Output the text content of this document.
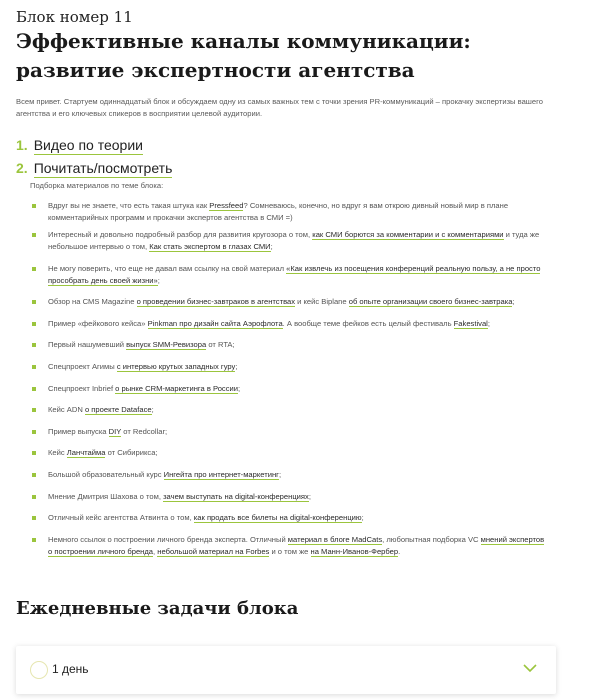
Блок номер 11
Эффективные каналы коммуникации: развитие экспертности агентства

Всем привет. Стартуем одиннадцатый блок и обсуждаем одну из самых важных тем с точки зрения PR-коммуникаций – прокачку экспертизы вашего агентства и его ключевых спикеров в восприятии целевой аудитории.

1. Видео по теории
2. Почитать/посмотреть
Подборка материалов по теме блока:
Вдруг вы не знаете, что есть такая штука как Pressfeed? Сомневаюсь, конечно, но вдруг я вам открою дивный новый мир в плане комментарийных программ и прокачки экспертов агентства в СМИ =)
Интересный и довольно подробный разбор для развития кругозора о том, как СМИ борются за комментарии и с комментариями и туда же небольшое интервью о том, Как стать экспертом в глазах СМИ;
Не могу поверить, что еще не давал вам ссылку на свой материал «Как извлечь из посещения конференций реальную пользу, а не просто прособрать день своей жизни»;
Обзор на CMS Magazine о проведении бизнес-завтраков в агентствах и кейс Biplane об опыте организации своего бизнес-завтрака;
Пример «фейкового кейса» Pinkman про дизайн сайта Аэрофлота. А вообще теме фейков есть целый фестиваль Fakestival;
Первый нашумевший выпуск SMM-Ревизора от RTA;
Спецпроект Агимы с интервью крутых западных гуру;
Спецпроект Inbrief о рынке CRM-маркетинга в России;
Кейс ADN о проекте Dataface;
Пример выпуска DIY от Redcollar;
Кейс Ланчтайма от Сибирикса;
Большой образовательный курс Ингейта про интернет-маркетинг;
Мнение Дмитрия Шахова о том, зачем выступать на digital-конференциях;
Отличный кейс агентства Атвинта о том, как продать все билеты на digital-конференцию;
Немного ссылок о построении личного бренда эксперта. Отличный материал в блоге MadCats, любопытная подборка VC мнений экспертов о построении личного бренда, небольшой материал на Forbes и о том же на Манн-Иванов-Фербер.
Ежедневные задачи блока
1 день
